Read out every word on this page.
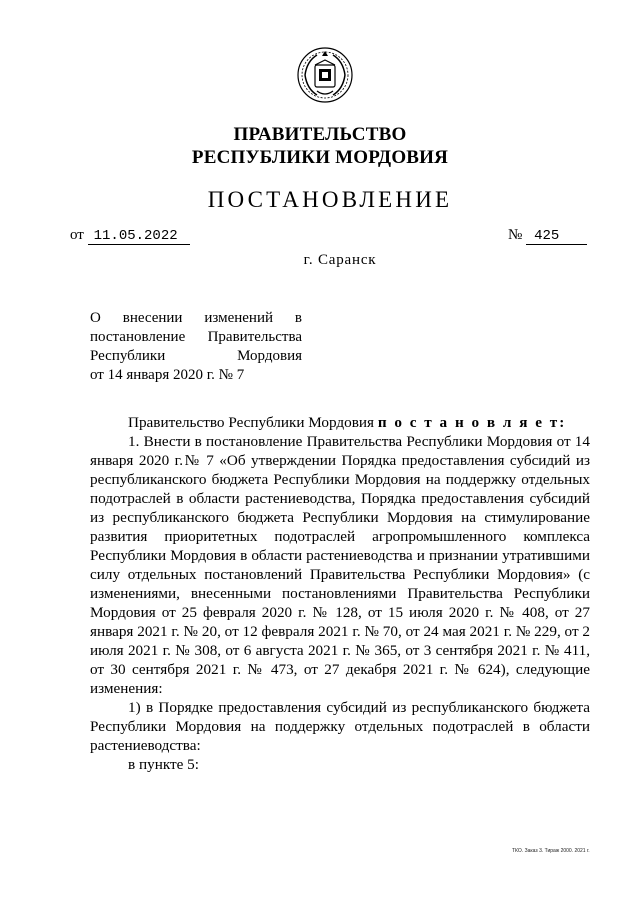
ПРАВИТЕЛЬСТВО
РЕСПУБЛИКИ МОРДОВИЯ
ПОСТАНОВЛЕНИЕ
от 11.05.2022	№ 425
г. Саранск
О внесении изменений в
постановление Правительства
Республики Мордовия
от 14 января 2020 г. № 7

Правительство Республики Мордовия п о с т а н о в л я е т:

1. Внести в постановление Правительства Республики Мордовия от 14 января 2020 г.№ 7 «Об утверждении Порядка предоставления субсидий из республиканского бюджета Республики Мордовия на поддержку отдельных подотраслей в области растениеводства, Порядка предоставления субсидий из республиканского бюджета Республики Мордовия на стимулирование развития приоритетных подотраслей агропромышленного комплекса Республики Мордовия в области растениеводства и признании утратившими силу отдельных постановлений Правительства Республики Мордовия» (с изменениями, внесенными постановлениями Правительства Республики Мордовия от 25 февраля 2020 г. № 128, от 15 июля 2020 г. № 408, от 27 января 2021 г. № 20, от 12 февраля 2021 г. № 70, от 24 мая 2021 г. № 229, от 2 июля 2021 г. № 308, от 6 августа 2021 г. № 365, от 3 сентября 2021 г. № 411, от 30 сентября 2021 г. № 473, от 27 декабря 2021 г. № 624), следующие изменения:

1) в Порядке предоставления субсидий из республиканского бюджета Республики Мордовия на поддержку отдельных подотраслей в области растениеводства:

в пункте 5:

ТКО. Заказ 3. Тираж 2000. 2021 г.
